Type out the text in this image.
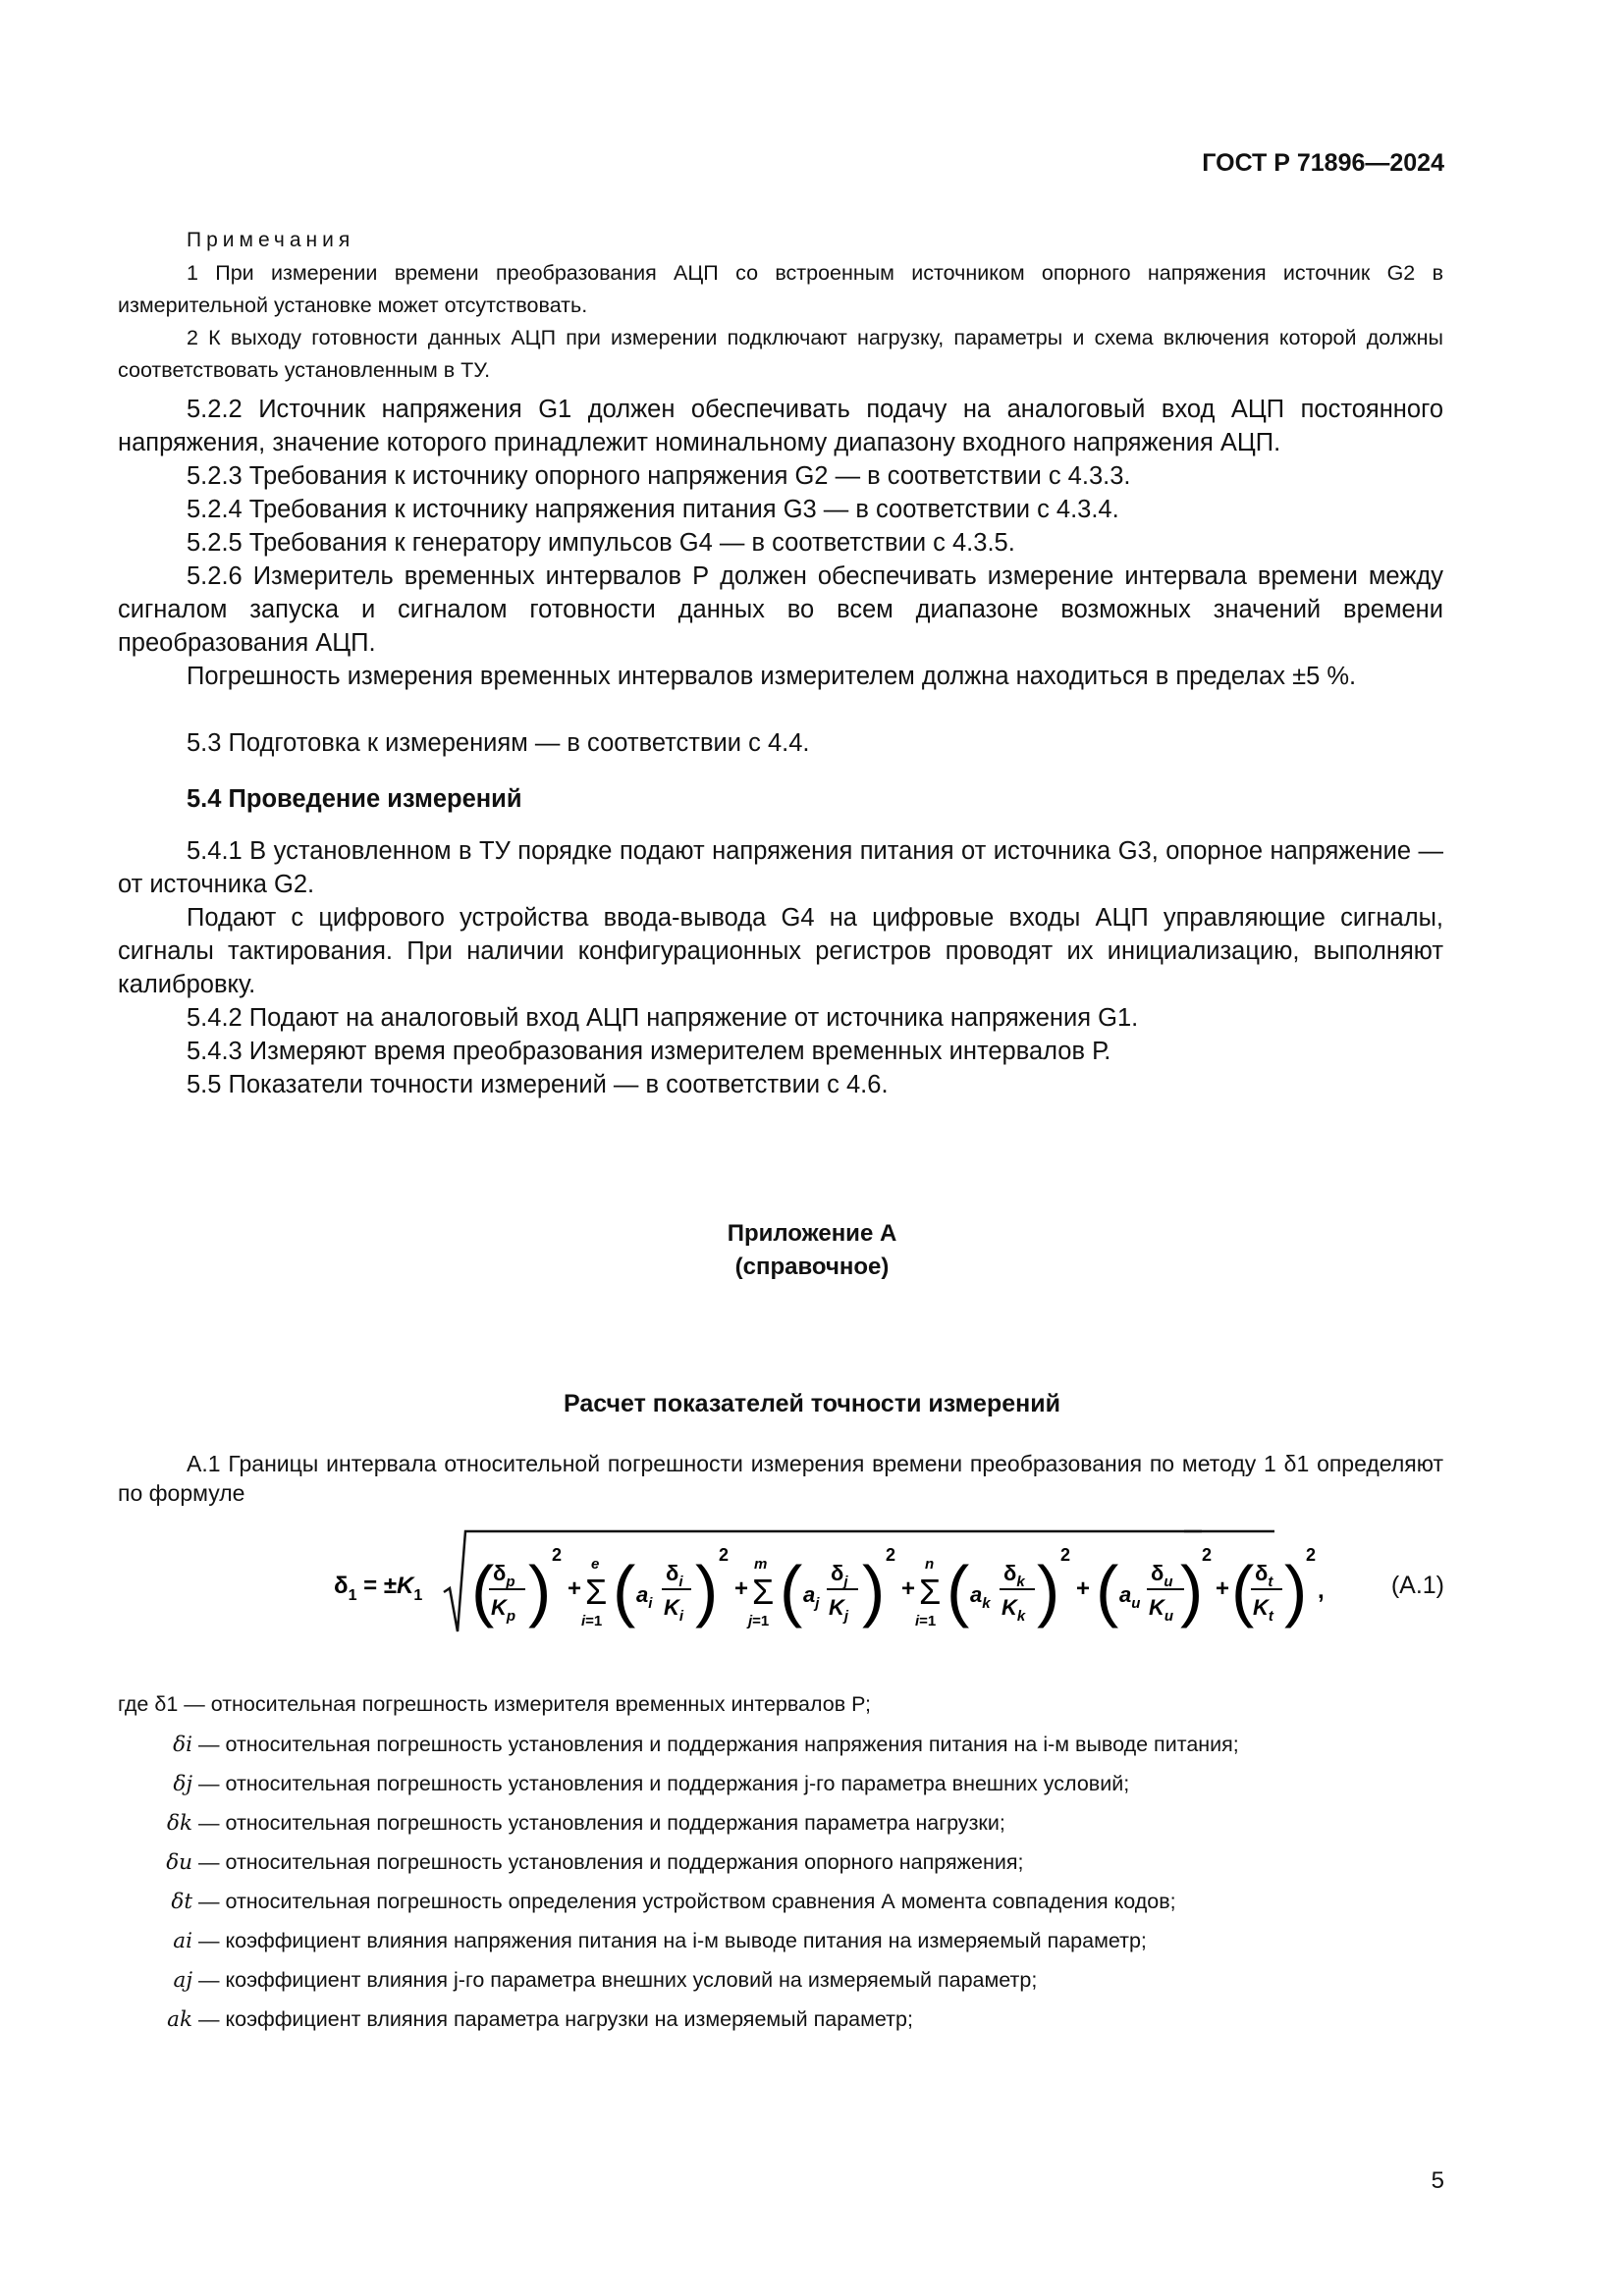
ГОСТ Р 71896—2024
Примечания
1 При измерении времени преобразования АЦП со встроенным источником опорного напряжения источник G2 в измерительной установке может отсутствовать.
2 К выходу готовности данных АЦП при измерении подключают нагрузку, параметры и схема включения которой должны соответствовать установленным в ТУ.
5.2.2 Источник напряжения G1 должен обеспечивать подачу на аналоговый вход АЦП постоянного напряжения, значение которого принадлежит номинальному диапазону входного напряжения АЦП.
5.2.3 Требования к источнику опорного напряжения G2 — в соответствии с 4.3.3.
5.2.4 Требования к источнику напряжения питания G3 — в соответствии с 4.3.4.
5.2.5 Требования к генератору импульсов G4 — в соответствии с 4.3.5.
5.2.6 Измеритель временных интервалов Р должен обеспечивать измерение интервала времени между сигналом запуска и сигналом готовности данных во всем диапазоне возможных значений времени преобразования АЦП.
Погрешность измерения временных интервалов измерителем должна находиться в пределах ±5 %.
5.3 Подготовка к измерениям — в соответствии с 4.4.
5.4 Проведение измерений
5.4.1 В установленном в ТУ порядке подают напряжения питания от источника G3, опорное напряжение — от источника G2.
Подают с цифрового устройства ввода-вывода G4 на цифровые входы АЦП управляющие сигналы, сигналы тактирования. При наличии конфигурационных регистров проводят их инициализацию, выполняют калибровку.
5.4.2 Подают на аналоговый вход АЦП напряжение от источника напряжения G1.
5.4.3 Измеряют время преобразования измерителем временных интервалов Р.
5.5 Показатели точности измерений — в соответствии с 4.6.
Приложение А
(справочное)
Расчет показателей точности измерений
А.1 Границы интервала относительной погрешности измерения времени преобразования по методу 1 δ1 определяют по формуле
$\delta_1 = \pm K_1$ (
$\delta_p$
$K_p$ ) 2
+ Σ
e
i=1 ( $a_i$
$\delta_i$
$K_i$ ) 2
+ Σ
m
j=1 ( $a_j$
$\delta_j$
$K_j$ ) 2
+ Σ
n
i=1 ( $a_k$
$\delta_k$
$K_k$ ) 2
+ ( $a_u$
$\delta_u$
$K_u$ )
2
+ ( $\delta_t$
$K_t$ )
2
,	(А.1)
где δ1 — относительная погрешность измерителя временных интервалов Р;
δi — относительная погрешность установления и поддержания напряжения питания на i-м выводе питания;
δj — относительная погрешность установления и поддержания j-го параметра внешних условий;
δk — относительная погрешность установления и поддержания параметра нагрузки;
δu — относительная погрешность установления и поддержания опорного напряжения;
δt — относительная погрешность определения устройством сравнения А момента совпадения кодов;
ai — коэффициент влияния напряжения питания на i-м выводе питания на измеряемый параметр;
aj — коэффициент влияния j-го параметра внешних условий на измеряемый параметр;
ak — коэффициент влияния параметра нагрузки на измеряемый параметр;
5
